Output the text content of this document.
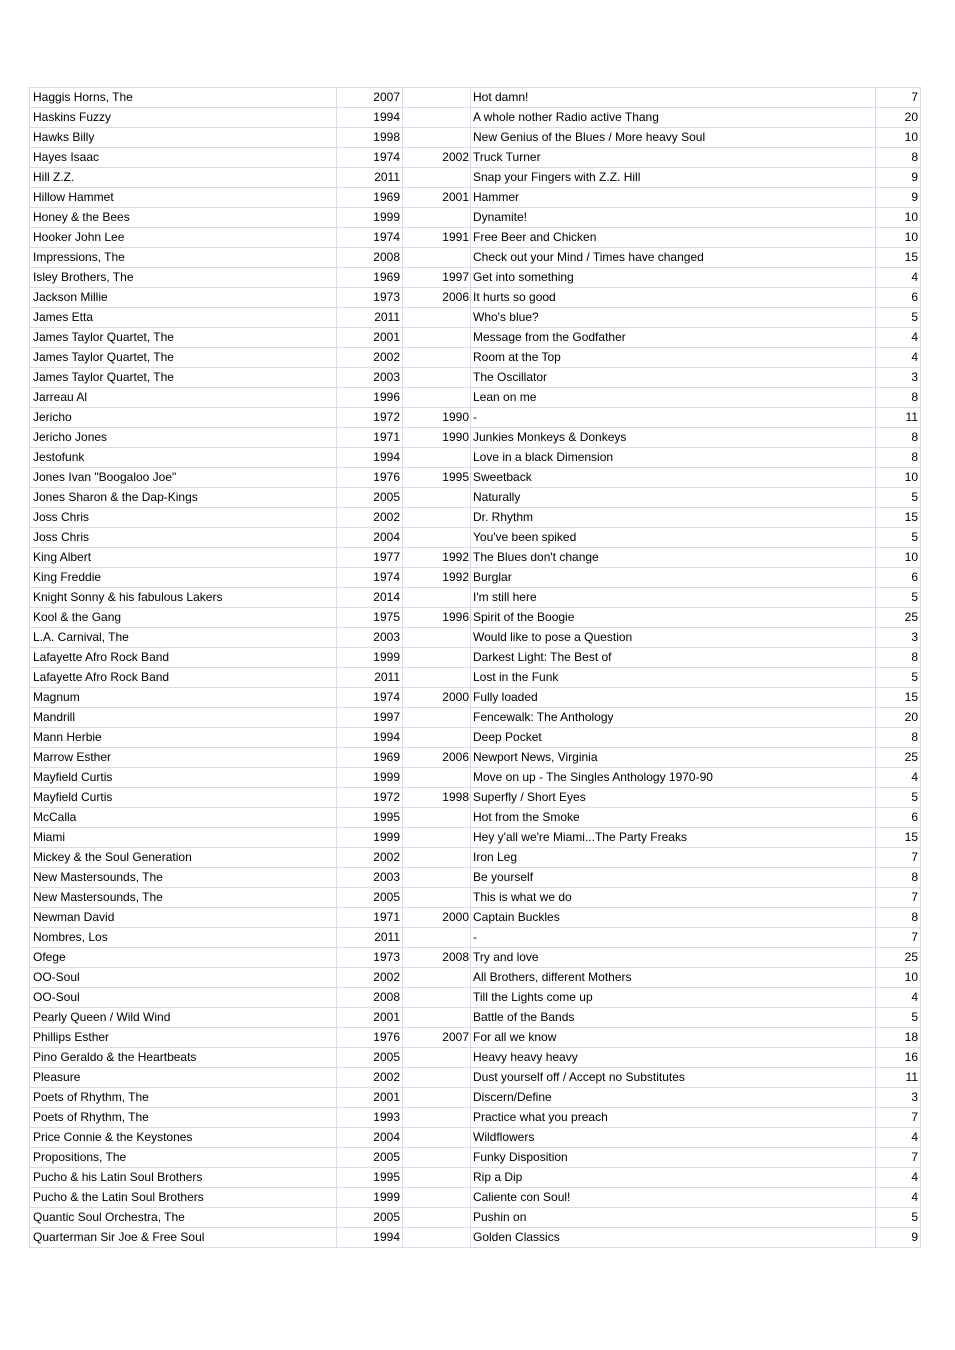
Haggis Horns, The	2007		Hot damn!	7
Haskins Fuzzy	1994		A whole nother Radio active Thang	20
Hawks Billy	1998		New Genius of the Blues / More heavy Soul	10
Hayes Isaac	1974	2002	Truck Turner	8
Hill Z.Z.	2011		Snap your Fingers with Z.Z. Hill	9
Hillow Hammet	1969	2001	Hammer	9
Honey & the Bees	1999		Dynamite!	10
Hooker John Lee	1974	1991	Free Beer and Chicken	10
Impressions, The	2008		Check out your Mind / Times have changed	15
Isley Brothers, The	1969	1997	Get into something	4
Jackson Millie	1973	2006	It hurts so good	6
James Etta	2011		Who's blue?	5
James Taylor Quartet, The	2001		Message from the Godfather	4
James Taylor Quartet, The	2002		Room at the Top	4
James Taylor Quartet, The	2003		The Oscillator	3
Jarreau Al	1996		Lean on me	8
Jericho	1972	1990	-	11
Jericho Jones	1971	1990	Junkies Monkeys & Donkeys	8
Jestofunk	1994		Love in a black Dimension	8
Jones Ivan "Boogaloo Joe"	1976	1995	Sweetback	10
Jones Sharon & the Dap-Kings	2005		Naturally	5
Joss Chris	2002		Dr. Rhythm	15
Joss Chris	2004		You've been spiked	5
King Albert	1977	1992	The Blues don't change	10
King Freddie	1974	1992	Burglar	6
Knight Sonny & his fabulous Lakers	2014		I'm still here	5
Kool & the Gang	1975	1996	Spirit of the Boogie	25
L.A. Carnival, The	2003		Would like to pose a Question	3
Lafayette Afro Rock Band	1999		Darkest Light: The Best of	8
Lafayette Afro Rock Band	2011		Lost in the Funk	5
Magnum	1974	2000	Fully loaded	15
Mandrill	1997		Fencewalk: The Anthology	20
Mann Herbie	1994		Deep Pocket	8
Marrow Esther	1969	2006	Newport News, Virginia	25
Mayfield Curtis	1999		Move on up - The Singles Anthology 1970-90	4
Mayfield Curtis	1972	1998	Superfly / Short Eyes	5
McCalla	1995		Hot from the Smoke	6
Miami	1999		Hey y'all we're Miami...The Party Freaks	15
Mickey & the Soul Generation	2002		Iron Leg	7
New Mastersounds, The	2003		Be yourself	8
New Mastersounds, The	2005		This is what we do	7
Newman David	1971	2000	Captain Buckles	8
Nombres, Los	2011		-	7
Ofege	1973	2008	Try and love	25
OO-Soul	2002		All Brothers, different Mothers	10
OO-Soul	2008		Till the Lights come up	4
Pearly Queen / Wild Wind	2001		Battle of the Bands	5
Phillips Esther	1976	2007	For all we know	18
Pino Geraldo & the Heartbeats	2005		Heavy heavy heavy	16
Pleasure	2002		Dust yourself off / Accept no Substitutes	11
Poets of Rhythm, The	2001		Discern/Define	3
Poets of Rhythm, The	1993		Practice what you preach	7
Price Connie & the Keystones	2004		Wildflowers	4
Propositions, The	2005		Funky Disposition	7
Pucho & his Latin Soul Brothers	1995		Rip a Dip	4
Pucho & the Latin Soul Brothers	1999		Caliente con Soul!	4
Quantic Soul Orchestra, The	2005		Pushin on	5
Quarterman Sir Joe & Free Soul	1994		Golden Classics	9
